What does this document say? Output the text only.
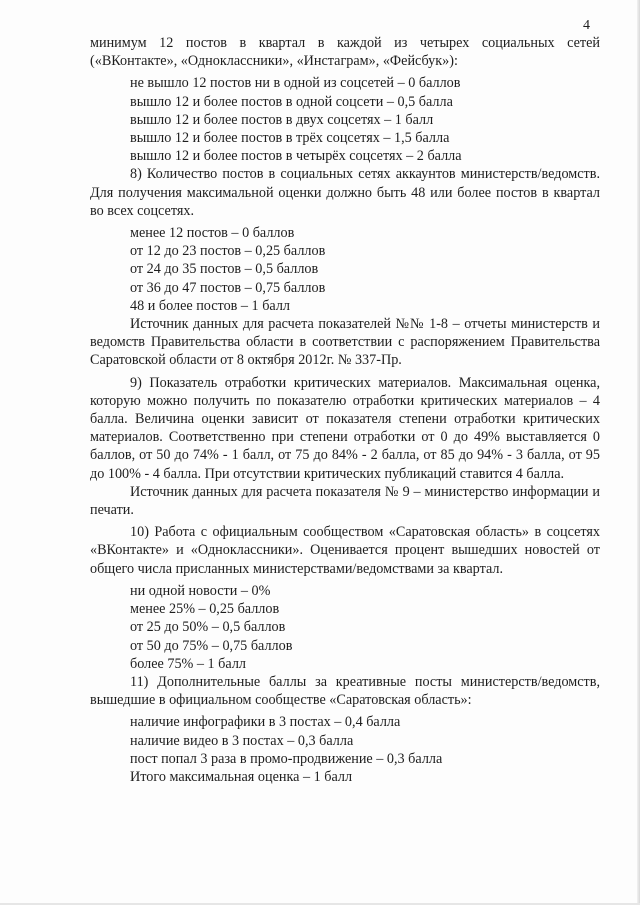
4

минимум 12 постов в квартал в каждой из четырех социальных сетей («ВКонтакте», «Одноклассники», «Инстаграм», «Фейсбук»):

не вышло 12 постов ни в одной из соцсетей – 0 баллов

вышло 12 и более постов в одной соцсети – 0,5 балла

вышло 12 и более постов в двух соцсетях – 1 балл

вышло 12 и более постов в трёх соцсетях – 1,5 балла

вышло 12 и более постов в четырёх соцсетях – 2 балла

8) Количество постов в социальных сетях аккаунтов министерств/ведомств. Для получения максимальной оценки должно быть 48 или более постов в квартал во всех соцсетях.

менее 12 постов – 0 баллов

от 12 до 23 постов – 0,25 баллов

от 24 до 35 постов – 0,5 баллов

от 36 до 47 постов – 0,75 баллов

48 и более постов – 1 балл

Источник данных для расчета показателей №№ 1-8 – отчеты министерств и ведомств Правительства области в соответствии с распоряжением Правительства Саратовской области от 8 октября 2012г. № 337-Пр.

9) Показатель отработки критических материалов. Максимальная оценка, которую можно получить по показателю отработки критических материалов – 4 балла. Величина оценки зависит от показателя степени отработки критических материалов. Соответственно при степени отработки от 0 до 49% выставляется 0 баллов, от 50 до 74% - 1 балл, от 75 до 84% - 2 балла, от 85 до 94% - 3 балла, от 95 до 100% - 4 балла. При отсутствии критических публикаций ставится 4 балла.

Источник данных для расчета показателя № 9 – министерство информации и печати.

10) Работа с официальным сообществом «Саратовская область» в соцсетях «ВКонтакте» и «Одноклассники». Оценивается процент вышедших новостей от общего числа присланных министерствами/ведомствами за квартал.

ни одной новости – 0%

менее 25% – 0,25 баллов

от 25 до 50% – 0,5 баллов

от 50 до 75% – 0,75 баллов

более 75% – 1 балл

11) Дополнительные баллы за креативные посты министерств/ведомств, вышедшие в официальном сообществе «Саратовская область»:

наличие инфографики в 3 постах – 0,4 балла

наличие видео в 3 постах – 0,3 балла

пост попал 3 раза в промо-продвижение – 0,3 балла

Итого максимальная оценка – 1 балл
